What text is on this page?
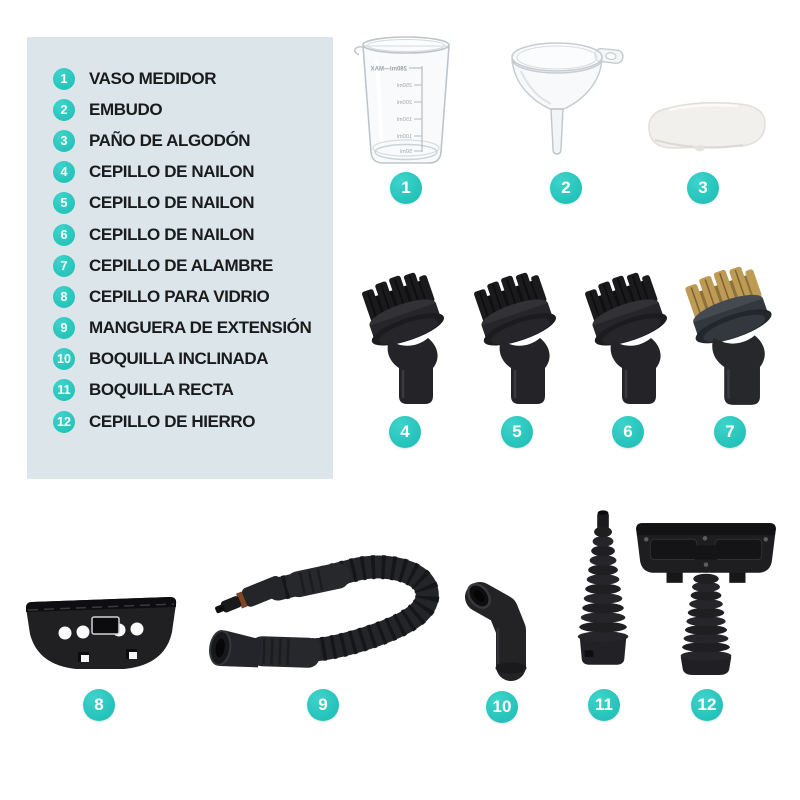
1	VASO MEDIDOR
2	EMBUDO
3	PAÑO DE ALGODÓN
4	CEPILLO DE NAILON
5	CEPILLO DE NAILON
6	CEPILLO DE NAILON
7	CEPILLO DE ALAMBRE
8	CEPILLO PARA VIDRIO
9	MANGUERA DE EXTENSIÓN
10 BOQUILLA INCLINADA
11 BOQUILLA RECTA
12 CEPILLO DE HIERRO
280ml—MAX
250ml
200ml
150ml
100ml
50ml
1	2	3
4	5	6	7
8	9	10	11	12
